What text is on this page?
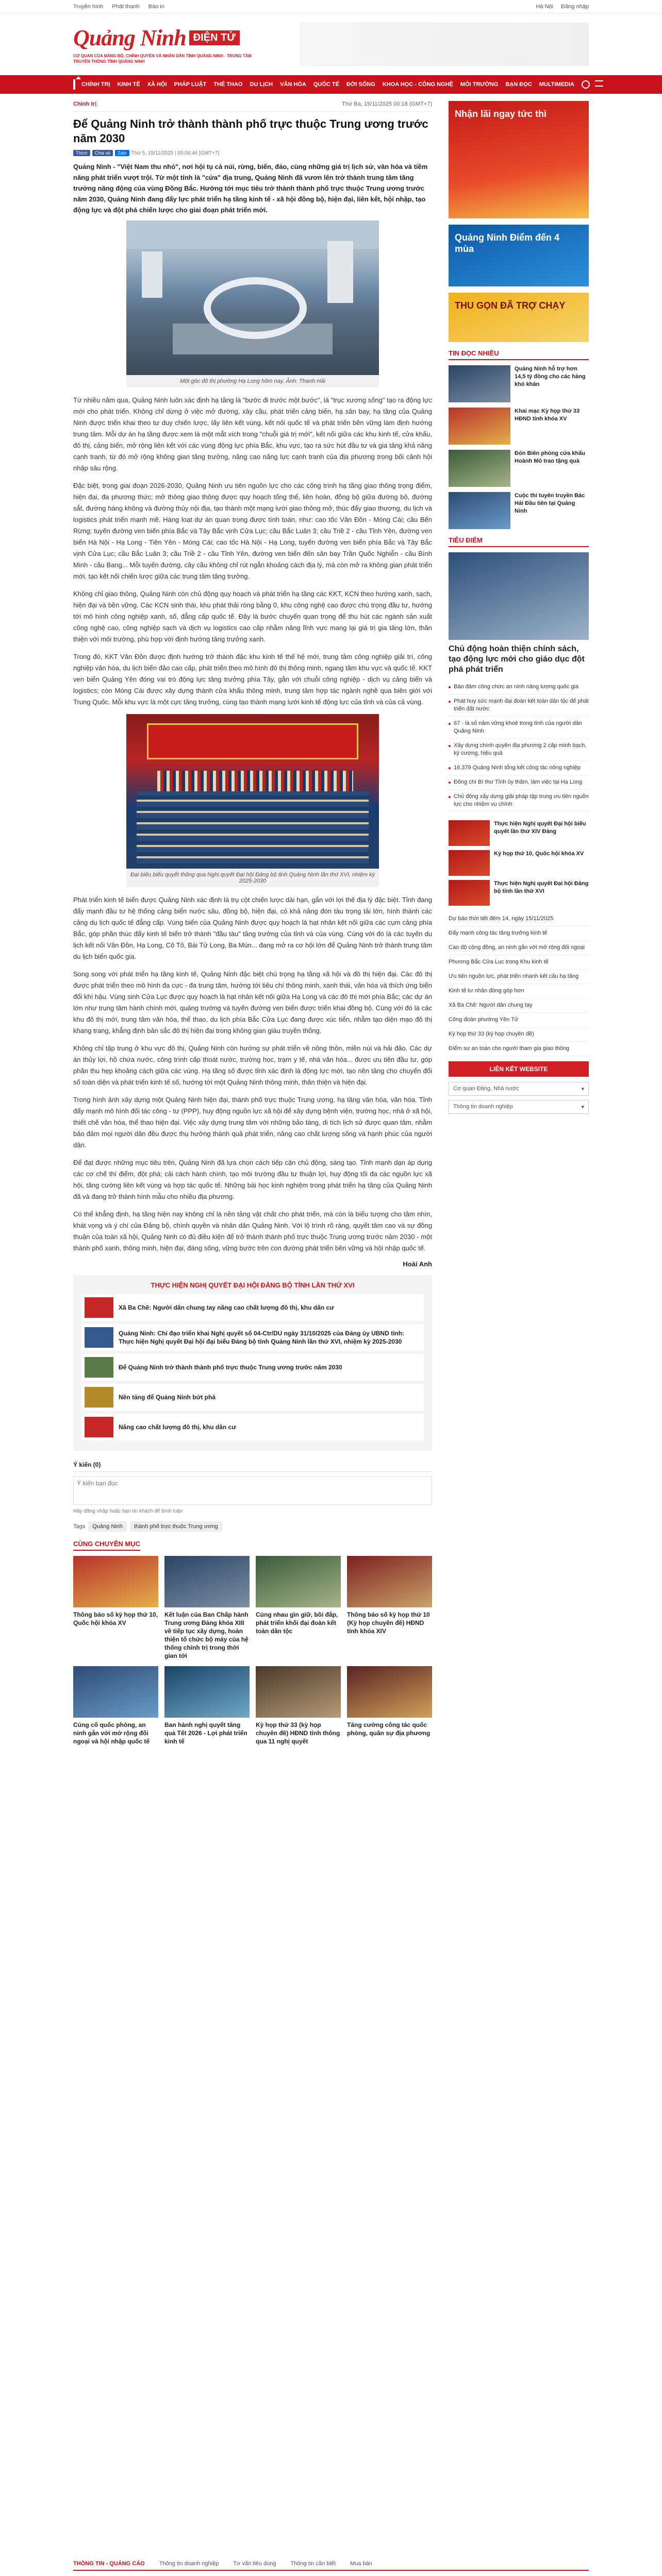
Truyền hình Phát thanh Báo in	Hà Nội Đăng nhập
Quảng Ninh ĐIỆN TỬ
CƠ QUAN CỦA ĐẢNG BỘ, CHÍNH QUYỀN VÀ NHÂN DÂN TỈNH QUẢNG NINH - TRUNG TÂM TRUYỀN THÔNG TỈNH QUẢNG NINH
CHÍNH TRỊ KINH TẾ XÃ HỘI PHÁP LUẬT THỂ THAO DU LỊCH VĂN HÓA QUỐC TẾ ĐỜI SỐNG KHOA HỌC - CÔNG NGHỆ MÔI TRƯỜNG BẠN ĐỌC MULTIMEDIA
Chính trị	Thứ Ba, 15/11/2025 00:18 (GMT+7)
Để Quảng Ninh trở thành thành phố trực thuộc Trung ương trước năm 2030
Thích	Chia sẻ	Zalo Thứ 5, 15/11/2025 | 00:06:46 [GMT+7]

Quảng Ninh - "Việt Nam thu nhỏ", nơi hội tụ cả núi, rừng, biển, đảo, cùng những giá trị lịch sử, văn hóa và tiềm năng phát triển vượt trội. Từ một tỉnh là "cửa" địa trung, Quảng Ninh đã vươn lên trở thành trung tâm tăng trưởng năng động của vùng Đồng Bắc. Hướng tới mục tiêu trở thành thành phố trực thuộc Trung ương trước năm 2030, Quảng Ninh đang đẩy lực phát triển hạ tầng kinh tế - xã hội đồng bộ, hiện đại, liên kết, hội nhập, tạo động lực và đột phá chiến lược cho giai đoạn phát triển mới.

Một góc đô thị phường Hạ Long hôm nay. Ảnh: Thanh Hải

Từ nhiều năm qua, Quảng Ninh luôn xác định hạ tầng là "bước đi trước một bước", là "trục xương sống" tạo ra động lực mới cho phát triển. Không chỉ dừng ở việc mở đường, xây cầu, phát triển cảng biển, hạ sân bay, hạ tầng của Quảng Ninh được triển khai theo tư duy chiến lược, lấy liên kết vùng, kết nối quốc tế và phát triển bền vững làm định hướng trung tâm. Mỗi dự án hạ tầng được xem là một mắt xích trong "chuỗi giá trị mới", kết nối giữa các khu kinh tế, cửa khẩu, đô thị, cảng biển, mở rộng liên kết với các vùng động lực phía Bắc, khu vực, tạo ra sức hút đầu tư và gia tăng khả năng cạnh tranh, từ đó mở rộng không gian tăng trưởng, nâng cao năng lực cạnh tranh của địa phương trong bối cảnh hội nhập sâu rộng.

Đặc biệt, trong giai đoạn 2026-2030, Quảng Ninh ưu tiên nguồn lực cho các công trình hạ tầng giao thông trọng điểm, hiện đại, đa phương thức; mở thông giao thông được quy hoạch tổng thể, liên hoàn, đồng bộ giữa đường bộ, đường sắt, đường hàng không và đường thủy nội địa, tạo thành một mạng lưới giao thông mở, thúc đẩy giao thương, du lịch và logistics phát triển mạnh mẽ. Hàng loạt dự án quan trọng được tính toán, như: cao tốc Vân Đồn - Móng Cái; cầu Bến Rừng; tuyến đường ven biển phía Bắc và Tây Bắc vịnh Cửa Lục; cầu Bắc Luân 3; cầu Triề 2 - cầu Tỉnh Yên, đường ven biển Hà Nội - Hạ Long - Tiên Yên - Móng Cái; cao tốc Hà Nội - Hạ Long, tuyến đường ven biển phía Bắc và Tây Bắc vịnh Cửa Lục; cầu Bắc Luân 3; cầu Triề 2 - cầu Tỉnh Yên, đường ven biển đến sân bay Trần Quốc Nghiễn - cầu Bình Minh - cầu Bang... Mỗi tuyến đường, cây cầu không chỉ rút ngắn khoảng cách địa lý, mà còn mở ra không gian phát triển mới, tạo kết nối chiến lược giữa các trung tâm tăng trưởng.

Không chỉ giao thông, Quảng Ninh còn chủ động quy hoạch và phát triển hạ tầng các KKT, KCN theo hướng xanh, sạch, hiện đại và bền vững. Các KCN sinh thái, khu phát thải ròng bằng 0, khu công nghệ cao được chú trọng đầu tư, hướng tới mô hình công nghiệp xanh, số, đẳng cấp quốc tế. Đây là bước chuyển quan trọng để thu hút các ngành sản xuất công nghệ cao, công nghiệp sạch và dịch vụ logistics cao cấp nhằm nâng lĩnh vực mang lại giá trị gia tăng lớn, thân thiện với môi trường, phù hợp với định hướng tăng trưởng xanh.

Trong đó, KKT Vân Đồn được định hướng trở thành đặc khu kinh tế thế hệ mới, trung tâm công nghiệp giải trí, công nghiệp văn hóa, du lịch biển đảo cao cấp, phát triển theo mô hình đô thị thông minh, ngang tầm khu vực và quốc tế. KKT ven biển Quảng Yên đóng vai trò động lực tăng trưởng phía Tây, gắn với chuỗi công nghiệp - dịch vụ cảng biển và logistics; còn Móng Cái được xây dựng thành cửa khẩu thông minh, trung tâm hợp tác ngành nghề qua biên giới với Trung Quốc. Mỗi khu vực là một cực tăng trưởng, cùng tạo thành mạng lưới kinh tế động lực của tỉnh và của cả vùng.

Đại biểu biểu quyết thông qua Nghị quyết Đại hội Đảng bộ tỉnh Quảng Ninh lần thứ XVI, nhiệm kỳ 2025-2030

Phát triển kinh tế biển được Quảng Ninh xác định là trụ cột chiến lược dài hạn, gắn với lợi thế địa lý đặc biệt. Tỉnh đang đẩy mạnh đầu tư hệ thống cảng biển nước sâu, đồng bộ, hiện đại, có khả năng đón tàu trọng tải lớn, hình thành các cảng du lịch quốc tế đẳng cấp. Vùng biển của Quảng Ninh được quy hoạch là hạt nhân kết nối giữa các cụm cảng phía Bắc, góp phần thúc đẩy kinh tế biển trở thành "đầu tàu" tăng trưởng của tỉnh và của vùng. Cùng với đó là các tuyến du lịch kết nối Vân Đồn, Hạ Long, Cô Tô, Bái Tử Long, Ba Mùn... đang mở ra cơ hội lớn để Quảng Ninh trở thành trung tâm du lịch biển quốc gia.

Song song với phát triển hạ tầng kinh tế, Quảng Ninh đặc biệt chú trọng hạ tầng xã hội và đô thị hiện đại. Các đô thị được phát triển theo mô hình đa cực - đa trung tâm, hướng tới tiêu chí thông minh, xanh thái, văn hóa và thích ứng biến đổi khí hậu. Vùng sinh Cửa Lục được quy hoạch là hạt nhân kết nối giữa Hạ Long và các đô thị mới phía Bắc; các dự án lớn như trung tâm hành chính mới, quảng trường và tuyến đường ven biển được triển khai đồng bộ. Cùng với đó là các khu đô thị mới, trung tâm văn hóa, thể thao, du lịch phía Bắc Cửa Lục đang được xúc tiến, nhằm tạo diện mạo đô thị khang trang, khẳng định bản sắc đô thị hiện đại trong không gian giàu truyền thống.

Không chỉ tập trung ở khu vực đô thị, Quảng Ninh còn hướng sự phát triển về nông thôn, miền núi và hải đảo. Các dự án thủy lợi, hồ chứa nước, công trình cấp thoát nước, trường học, trạm y tế, nhà văn hóa... được ưu tiên đầu tư, góp phần thu hẹp khoảng cách giữa các vùng. Hạ tầng số được tỉnh xác định là động lực mới, tạo nền tảng cho chuyển đổi số toàn diện và phát triển kinh tế số, hướng tới một Quảng Ninh thông minh, thân thiện và hiện đại.

Trong hình ảnh xây dựng một Quảng Ninh hiện đại, thành phố trực thuộc Trung ương, hạ tầng văn hóa, văn hóa. Tỉnh đẩy mạnh mô hình đối tác công - tư (PPP), huy động nguồn lực xã hội để xây dựng bệnh viện, trường học, nhà ở xã hội, thiết chế văn hóa, thể thao hiện đại. Việc xây dựng trung tâm với những bảo tàng, di tích lịch sử được quan tâm, nhằm bảo đảm mọi người dân đều được thụ hưởng thành quả phát triển, nâng cao chất lượng sống và hạnh phúc của người dân.

Để đạt được những mục tiêu trên, Quảng Ninh đã lựa chọn cách tiếp cận chủ động, sáng tạo. Tỉnh mạnh dạn áp dụng các cơ chế thí điểm, đột phá; cải cách hành chính, tạo môi trường đầu tư thuận lợi, huy động tối đa các nguồn lực xã hội, tăng cường liên kết vùng và hợp tác quốc tế. Những bài học kinh nghiệm trong phát triển hạ tầng của Quảng Ninh đã và đang trở thành hình mẫu cho nhiều địa phương.

Có thể khẳng định, hạ tầng hiện nay không chỉ là nền tảng vật chất cho phát triển, mà còn là biểu tượng cho tầm nhìn, khát vọng và ý chí của Đảng bộ, chính quyền và nhân dân Quảng Ninh. Với lộ trình rõ ràng, quyết tâm cao và sự đồng thuận của toàn xã hội, Quảng Ninh có đủ điều kiện để trở thành thành phố trực thuộc Trung ương trước năm 2030 - một thành phố xanh, thông minh, hiện đại, đáng sống, vững bước trên con đường phát triển bền vững và hội nhập quốc tế.

Hoài Anh
THỰC HIỆN NGHỊ QUYẾT ĐẠI HỘI ĐẢNG BỘ TỈNH LẦN THỨ XVI
Xã Ba Chẽ: Người dân chung tay nâng cao chất lượng đô thị, khu dân cư
Quảng Ninh: Chỉ đạo triển khai Nghị quyết số 04-Ctr/DU ngày 31/10/2025 của Đảng ủy UBND tỉnh: Thực hiện Nghị quyết Đại hội đại biểu Đảng bộ tỉnh Quảng Ninh lần thứ XVI, nhiệm kỳ 2025-2030
Để Quảng Ninh trở thành thành phố trực thuộc Trung ương trước năm 2030
Nền tảng để Quảng Ninh bứt phá
Nâng cao chất lượng đô thị, khu dân cư
Ý kiến (0)
Ý kiến bạn đọc
Hãy đăng nhập hoặc bạn tin khách để bình luận
Tags	Quảng Ninh	thành phố trực thuộc Trung ương
CÙNG CHUYÊN MỤC
Thông báo số kỳ họp thứ 10, Quốc hội khóa XV
Kết luận của Ban Chấp hành Trung ương Đảng khóa XIII về tiếp tục xây dựng, hoàn thiện tổ chức bộ máy của hệ thống chính trị trong thời gian tới
Củng nhau gìn giữ, bồi đắp, phát triển khối đại đoàn kết toàn dân tộc
Thông báo số kỳ họp thứ 10 (Kỳ họp chuyên đề) HĐND tỉnh khóa XIV
Củng cố quốc phòng, an ninh gắn với mở rộng đối ngoại và hội nhập quốc tế
Ban hành nghị quyết tăng quả Tết 2026 - Lợi phát triển kinh tế
Kỳ họp thứ 33 (kỳ họp chuyên đề) HĐND tỉnh thông qua 11 nghị quyết
Tăng cường công tác quốc phòng, quân sự địa phương
Nhận lãi ngay tức thì
Quảng Ninh Điểm đến 4 mùa
THU GỌN ĐÃ TRỢ CHẠY
TIN ĐỌC NHIỀU
Quảng Ninh hỗ trợ hơn 14,5 tỷ đồng cho các hàng khó khăn
Khai mạc Kỳ họp thứ 33 HĐND tỉnh khóa XV
Đón Biên phòng cửa khẩu Hoành Mô trao tặng quà
Cuộc thi tuyên truyền Bác Hải Đầu tiên tại Quảng Ninh
TIÊU ĐIỂM
Chủ động hoàn thiện chính sách, tạo động lực mới cho giáo dục đột phá phát triển
Bảo đảm công chức an ninh năng lượng quốc gia
Phát huy sức mạnh đại đoàn kết toàn dân tộc để phát triển đất nước
67 - là số năm vững khoẻ trong tình của người dân Quảng Ninh
Xây dựng chính quyền địa phương 2 cấp minh bạch, kỷ cương, hiệu quả
16.379 Quảng Ninh tổng kết công tác nông nghiệp
Đồng chí Bí thư Tỉnh ủy thăm, làm việc tại Hạ Long
Chủ động xây dựng giải pháp tập trung ưu tiên nguồn lực cho nhiệm vụ chính
Thực hiện Nghị quyết Đại hội biểu quyết lần thứ XIV Đảng
Kỳ họp thứ 10, Quốc hội khóa XV
Thực hiện Nghị quyết Đại hội Đảng bộ tỉnh lần thứ XVI
Dự báo thời tiết đêm 14, ngày 15/11/2025
Đẩy mạnh công tác tăng trưởng kinh tế
Cao độ cộng đồng, an ninh gắn với mở rộng đối ngoại
Phương Bắc Cửa Lục trong Khu kinh tế
Ưu tiên nguồn lực, phát triển nhanh kết cấu hạ tầng
Kinh tế tư nhân đóng góp hơn
Xã Ba Chẽ: Người dân chung tay
Công đoàn phường Yên Tử
Kỳ họp thứ 33 (kỳ họp chuyên đề)
Điểm sự an toàn cho người tham gia giao thông
LIÊN KẾT WEBSITE
Cơ quan Đảng, Nhà nước	▾
Thông tin doanh nghiệp	▾
THÔNG TIN - QUẢNG CÁO	Thông tin doanh nghiệp	Tư vấn tiêu dùng	Thông tin cần biết	Mua bán
